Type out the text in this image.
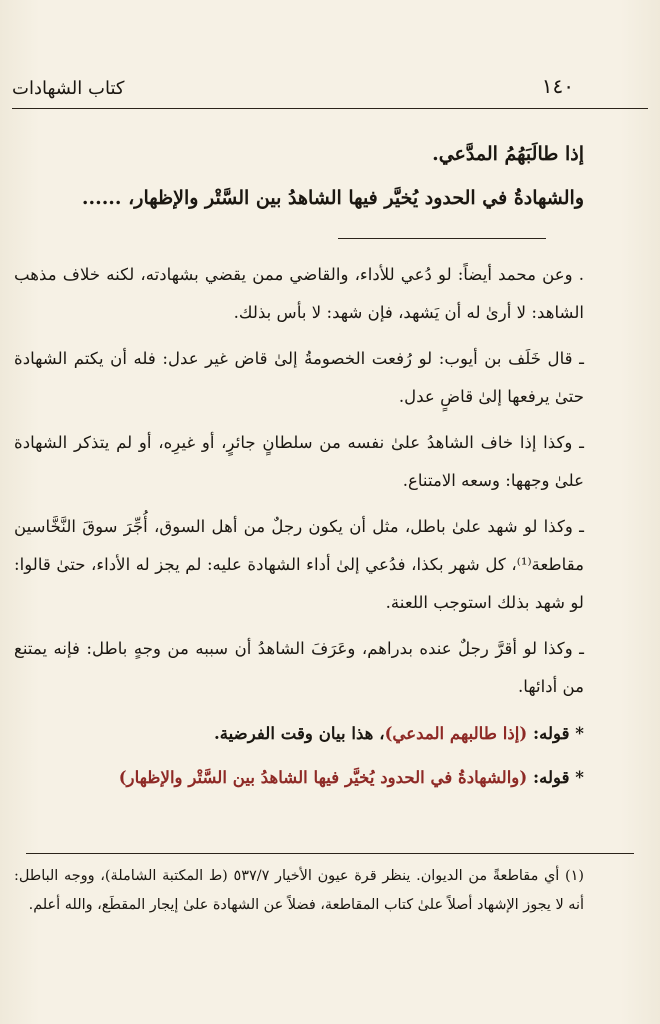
١٤٠
كتاب الشهادات

إذا طالَبَهُمُ المدَّعي.

والشهادةُ في الحدود يُخيَّر فيها الشاهدُ بين السَّتْر والإظهار، ......

. وعن محمد أيضاً: لو دُعي للأداء، والقاضي ممن يقضي بشهادته، لكنه خلاف مذهب الشاهد: لا أرىٰ له أن يَشهد، فإن شهد: لا بأس بذلك.

ـ قال خَلَف بن أيوب: لو رُفعت الخصومةُ إلىٰ قاض غير عدل: فله أن يكتم الشهادة حتىٰ يرفعها إلىٰ قاضٍ عدل.

ـ وكذا إذا خاف الشاهدُ علىٰ نفسه من سلطانٍ جائرٍ، أو غيرِه، أو لم يتذكر الشهادة علىٰ وجهها: وسعه الامتناع.

ـ وكذا لو شهد علىٰ باطل، مثل أن يكون رجلٌ من أهل السوق، أُجِّرَ سوقَ النَّخَّاسين مقاطعة⁽¹⁾، كل شهر بكذا، فدُعي إلىٰ أداء الشهادة عليه: لم يجز له الأداء، حتىٰ قالوا: لو شهد بذلك استوجب اللعنة.

ـ وكذا لو أقرَّ رجلٌ عنده بدراهم، وعَرَفَ الشاهدُ أن سببه من وجهٍ باطل: فإنه يمتنع من أدائها.

* قوله: (إذا طالبهم المدعي)، هذا بيان وقت الفرضية.

* قوله: (والشهادةُ في الحدود يُخيَّر فيها الشاهدُ بين السَّتْر والإظهار)

(١) أي مقاطعةً من الديوان. ينظر قرة عيون الأخيار ٥٣٧/٧ (ط المكتبة الشاملة)، ووجه الباطل: أنه لا يجوز الإشهاد أصلاً علىٰ كتاب المقاطعة، فضلاً عن الشهادة علىٰ إيجار المقطَع، والله أعلم.
